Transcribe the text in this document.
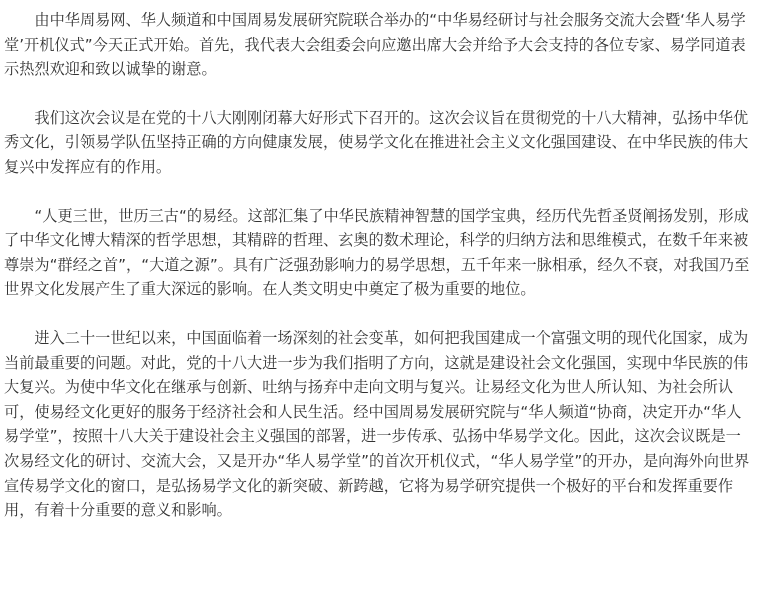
由中华周易网、华人频道和中国周易发展研究院联合举办的“中华易经研讨与社会服务交流大会暨‘华人易学堂’开机仪式”今天正式开始。首先，我代表大会组委会向应邀出席大会并给予大会支持的各位专家、易学同道表示热烈欢迎和致以诚挚的谢意。

我们这次会议是在党的十八大刚刚闭幕大好形式下召开的。这次会议旨在贯彻党的十八大精神，弘扬中华优秀文化，引领易学队伍坚持正确的方向健康发展，使易学文化在推进社会主义文化强国建设、在中华民族的伟大复兴中发挥应有的作用。

“人更三世，世历三古“的易经。这部汇集了中华民族精神智慧的国学宝典，经历代先哲圣贤阐扬发别，形成了中华文化博大精深的哲学思想，其精辟的哲理、玄奥的数术理论，科学的归纳方法和思维模式，在数千年来被尊崇为“群经之首”，“大道之源”。具有广泛强劲影响力的易学思想，五千年来一脉相承，经久不衰，对我国乃至世界文化发展产生了重大深远的影响。在人类文明史中奠定了极为重要的地位。

进入二十一世纪以来，中国面临着一场深刻的社会变革，如何把我国建成一个富强文明的现代化国家，成为当前最重要的问题。对此，党的十八大进一步为我们指明了方向，这就是建设社会文化强国，实现中华民族的伟大复兴。为使中华文化在继承与创新、吐纳与扬弃中走向文明与复兴。让易经文化为世人所认知、为社会所认可，使易经文化更好的服务于经济社会和人民生活。经中国周易发展研究院与“华人频道“协商，决定开办“华人易学堂”，按照十八大关于建设社会主义强国的部署，进一步传承、弘扬中华易学文化。因此，这次会议既是一次易经文化的研讨、交流大会，又是开办“华人易学堂”的首次开机仪式，“华人易学堂”的开办，是向海外向世界宣传易学文化的窗口，是弘扬易学文化的新突破、新跨越，它将为易学研究提供一个极好的平台和发挥重要作用，有着十分重要的意义和影响。
